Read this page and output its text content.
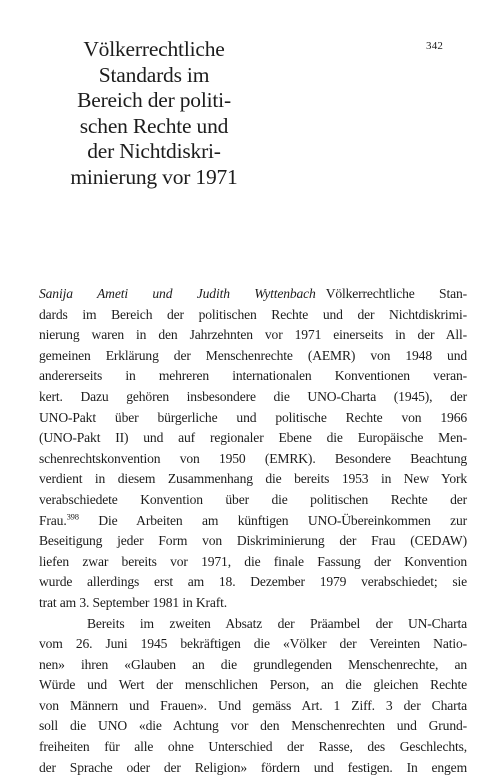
342
Völkerrechtliche
Standards im
Bereich der politi-
schen Rechte und
der Nichtdiskri-
minierung vor 1971
Sanija Ameti und Judith Wyttenbach Völkerrechtliche Stan-
dards im Bereich der politischen Rechte und der Nichtdiskrimi-
nierung waren in den Jahrzehnten vor 1971 einerseits in der All-
gemeinen Erklärung der Menschenrechte (AEMR) von 1948 und
andererseits in mehreren internationalen Konventionen veran-
kert. Dazu gehören insbesondere die UNO-Charta (1945), der
UNO-Pakt über bürgerliche und politische Rechte von 1966
(UNO-Pakt II) und auf regionaler Ebene die Europäische Men-
schenrechtskonvention von 1950 (EMRK). Besondere Beachtung
verdient in diesem Zusammenhang die bereits 1953 in New York
verabschiedete Konvention über die politischen Rechte der
Frau.$^{398}$ Die Arbeiten am künftigen UNO-Übereinkommen zur
Beseitigung jeder Form von Diskriminierung der Frau (CEDAW)
liefen zwar bereits vor 1971, die finale Fassung der Konvention
wurde allerdings erst am 18. Dezember 1979 verabschiedet; sie
trat am 3. September 1981 in Kraft.
Bereits im zweiten Absatz der Präambel der UN-Charta
vom 26. Juni 1945 bekräftigen die «Völker der Vereinten Natio-
nen» ihren «Glauben an die grundlegenden Menschenrechte, an
Würde und Wert der menschlichen Person, an die gleichen Rechte
von Männern und Frauen». Und gemäss Art. 1 Ziff. 3 der Charta
soll die UNO «die Achtung vor den Menschenrechten und Grund-
freiheiten für alle ohne Unterschied der Rasse, des Geschlechts,
der Sprache oder der Religion» fördern und festigen. In engem
